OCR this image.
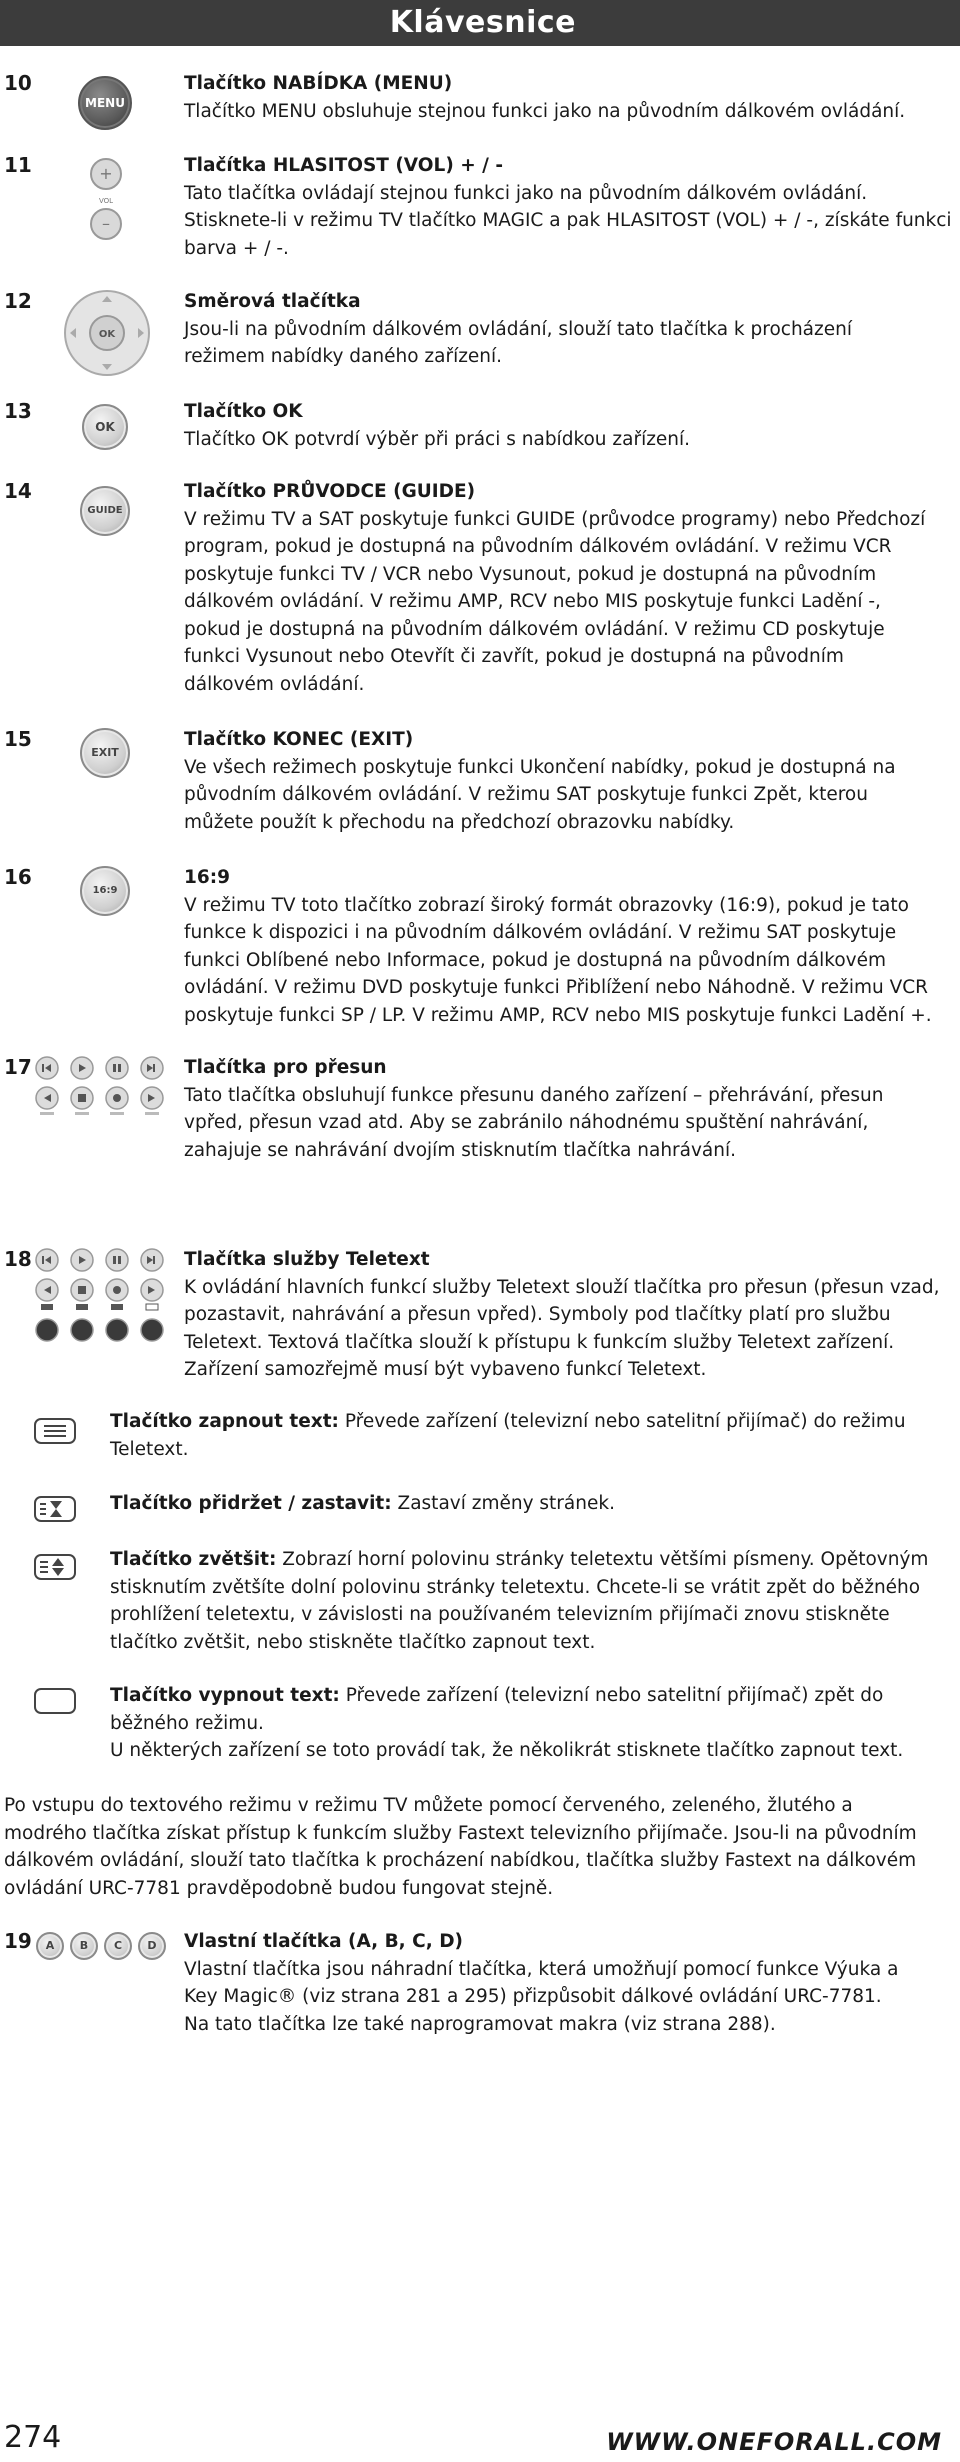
Klávesnice
10
MENU

Tlačítko NABÍDKA (MENU)

Tlačítko MENU obsluhuje stejnou funkci jako na původním dálkovém ovládání.

11	+
VOL
–

Tlačítka HLASITOST (VOL) + / -

Tato tlačítka ovládají stejnou funkci jako na původním dálkovém ovládání.

Stisknete-li v režimu TV tlačítko MAGIC a pak HLASITOST (VOL) + / -, získáte funkci

barva + / -.

12
OK

Směrová tlačítka

Jsou-li na původním dálkovém ovládání, slouží tato tlačítka k procházení

režimem nabídky daného zařízení.

13
OK

Tlačítko OK

Tlačítko OK potvrdí výběr při práci s nabídkou zařízení.

14
GUIDE

Tlačítko PRŮVODCE (GUIDE)

V režimu TV a SAT poskytuje funkci GUIDE (průvodce programy) nebo Předchozí

program, pokud je dostupná na původním dálkovém ovládání. V režimu VCR

poskytuje funkci TV / VCR nebo Vysunout, pokud je dostupná na původním

dálkovém ovládání. V režimu AMP, RCV nebo MIS poskytuje funkci Ladění -,

pokud je dostupná na původním dálkovém ovládání. V režimu CD poskytuje

funkci Vysunout nebo Otevřít či zavřít, pokud je dostupná na původním

dálkovém ovládání.

15
EXIT

Tlačítko KONEC (EXIT)

Ve všech režimech poskytuje funkci Ukončení nabídky, pokud je dostupná na

původním dálkovém ovládání. V režimu SAT poskytuje funkci Zpět, kterou

můžete použít k přechodu na předchozí obrazovku nabídky.

16
16:9

16:9

V režimu TV toto tlačítko zobrazí široký formát obrazovky (16:9), pokud je tato

funkce k dispozici i na původním dálkovém ovládání. V režimu SAT poskytuje

funkci Oblíbené nebo Informace, pokud je dostupná na původním dálkovém

ovládání. V režimu DVD poskytuje funkci Přiblížení nebo Náhodně. V režimu VCR

poskytuje funkci SP / LP. V režimu AMP, RCV nebo MIS poskytuje funkci Ladění +.

17	Tlačítka pro přesun

Tato tlačítka obsluhují funkce přesunu daného zařízení – přehrávání, přesun

vpřed, přesun vzad atd. Aby se zabránilo náhodnému spuštění nahrávání,

zahajuje se nahrávání dvojím stisknutím tlačítka nahrávání.

18	Tlačítka služby Teletext

K ovládání hlavních funkcí služby Teletext slouží tlačítka pro přesun (přesun vzad,

pozastavit, nahrávání a přesun vpřed). Symboly pod tlačítky platí pro službu

Teletext. Textová tlačítka slouží k přístupu k funkcím služby Teletext zařízení.

Zařízení samozřejmě musí být vybaveno funkcí Teletext.

Tlačítko zapnout text: Převede zařízení (televizní nebo satelitní přijímač) do režimu

Teletext.

Tlačítko přidržet / zastavit: Zastaví změny stránek.

Tlačítko zvětšit: Zobrazí horní polovinu stránky teletextu většími písmeny. Opětovným

stisknutím zvětšíte dolní polovinu stránky teletextu. Chcete-li se vrátit zpět do běžného

prohlížení teletextu, v závislosti na používaném televizním přijímači znovu stiskněte

tlačítko zvětšit, nebo stiskněte tlačítko zapnout text.

Tlačítko vypnout text: Převede zařízení (televizní nebo satelitní přijímač) zpět do

běžného režimu.

U některých zařízení se toto provádí tak, že několikrát stisknete tlačítko zapnout text.

Po vstupu do textového režimu v režimu TV můžete pomocí červeného, zeleného, žlutého a

modrého tlačítka získat přístup k funkcím služby Fastext televizního přijímače. Jsou-li na původním

dálkovém ovládání, slouží tato tlačítka k procházení nabídkou, tlačítka služby Fastext na dálkovém

ovládání URC-7781 pravděpodobně budou fungovat stejně.

19	A	B	C	D	Vlastní tlačítka (A, B, C, D)

Vlastní tlačítka jsou náhradní tlačítka, která umožňují pomocí funkce Výuka a

Key Magic® (viz strana 281 a 295) přizpůsobit dálkové ovládání URC-7781.

Na tato tlačítka lze také naprogramovat makra (viz strana 288).

274	WWW.ONEFORALL.COM
